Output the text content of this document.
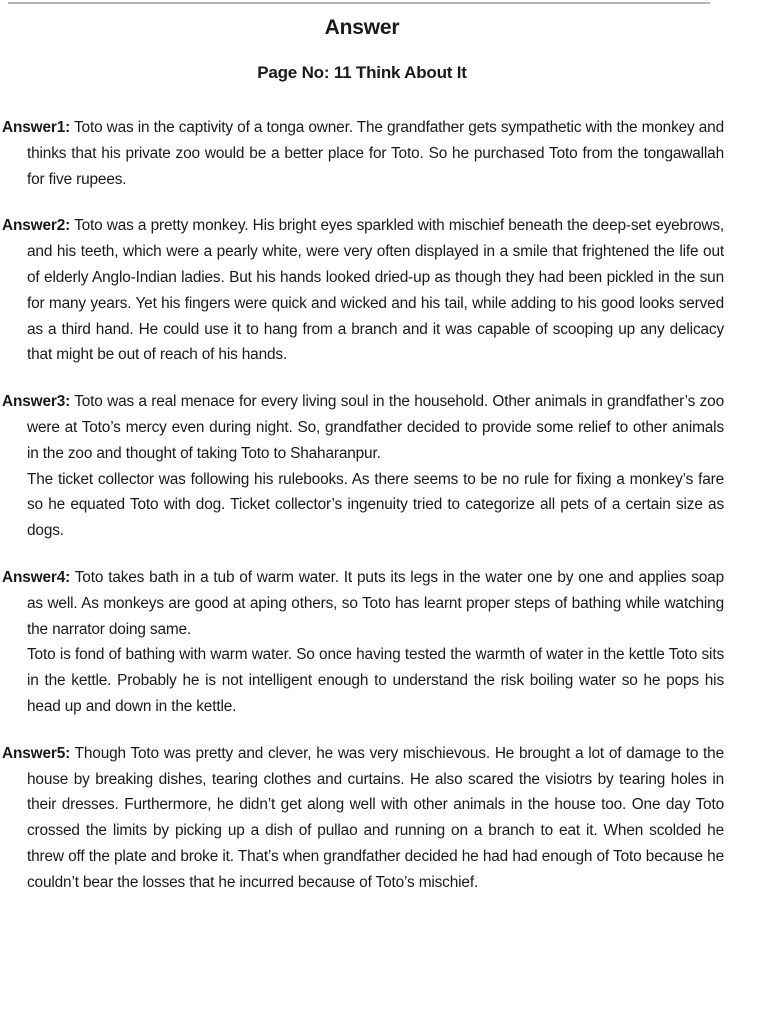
Answer
Page No: 11 Think About It

Answer1: Toto was in the captivity of a tonga owner. The grandfather gets sympathetic with the monkey and thinks that his private zoo would be a better place for Toto. So he purchased Toto from the tongawallah for five rupees.

Answer2: Toto was a pretty monkey. His bright eyes sparkled with mischief beneath the deep-set eyebrows, and his teeth, which were a pearly white, were very often displayed in a smile that frightened the life out of elderly Anglo-Indian ladies. But his hands looked dried-up as though they had been pickled in the sun for many years. Yet his fingers were quick and wicked and his tail, while adding to his good looks served as a third hand. He could use it to hang from a branch and it was capable of scooping up any delicacy that might be out of reach of his hands.

Answer3: Toto was a real menace for every living soul in the household. Other animals in grandfather’s zoo were at Toto’s mercy even during night. So, grandfather decided to provide some relief to other animals in the zoo and thought of taking Toto to Shaharanpur.
The ticket collector was following his rulebooks. As there seems to be no rule for fixing a monkey’s fare so he equated Toto with dog. Ticket collector’s ingenuity tried to categorize all pets of a certain size as dogs.

Answer4: Toto takes bath in a tub of warm water. It puts its legs in the water one by one and applies soap as well. As monkeys are good at aping others, so Toto has learnt proper steps of bathing while watching the narrator doing same.
Toto is fond of bathing with warm water. So once having tested the warmth of water in the kettle Toto sits in the kettle. Probably he is not intelligent enough to understand the risk boiling water so he pops his head up and down in the kettle.

Answer5: Though Toto was pretty and clever, he was very mischievous. He brought a lot of damage to the house by breaking dishes, tearing clothes and curtains. He also scared the visiotrs by tearing holes in their dresses. Furthermore, he didn’t get along well with other animals in the house too. One day Toto crossed the limits by picking up a dish of pullao and running on a branch to eat it. When scolded he threw off the plate and broke it. That’s when grandfather decided he had had enough of Toto because he couldn’t bear the losses that he incurred because of Toto’s mischief.
